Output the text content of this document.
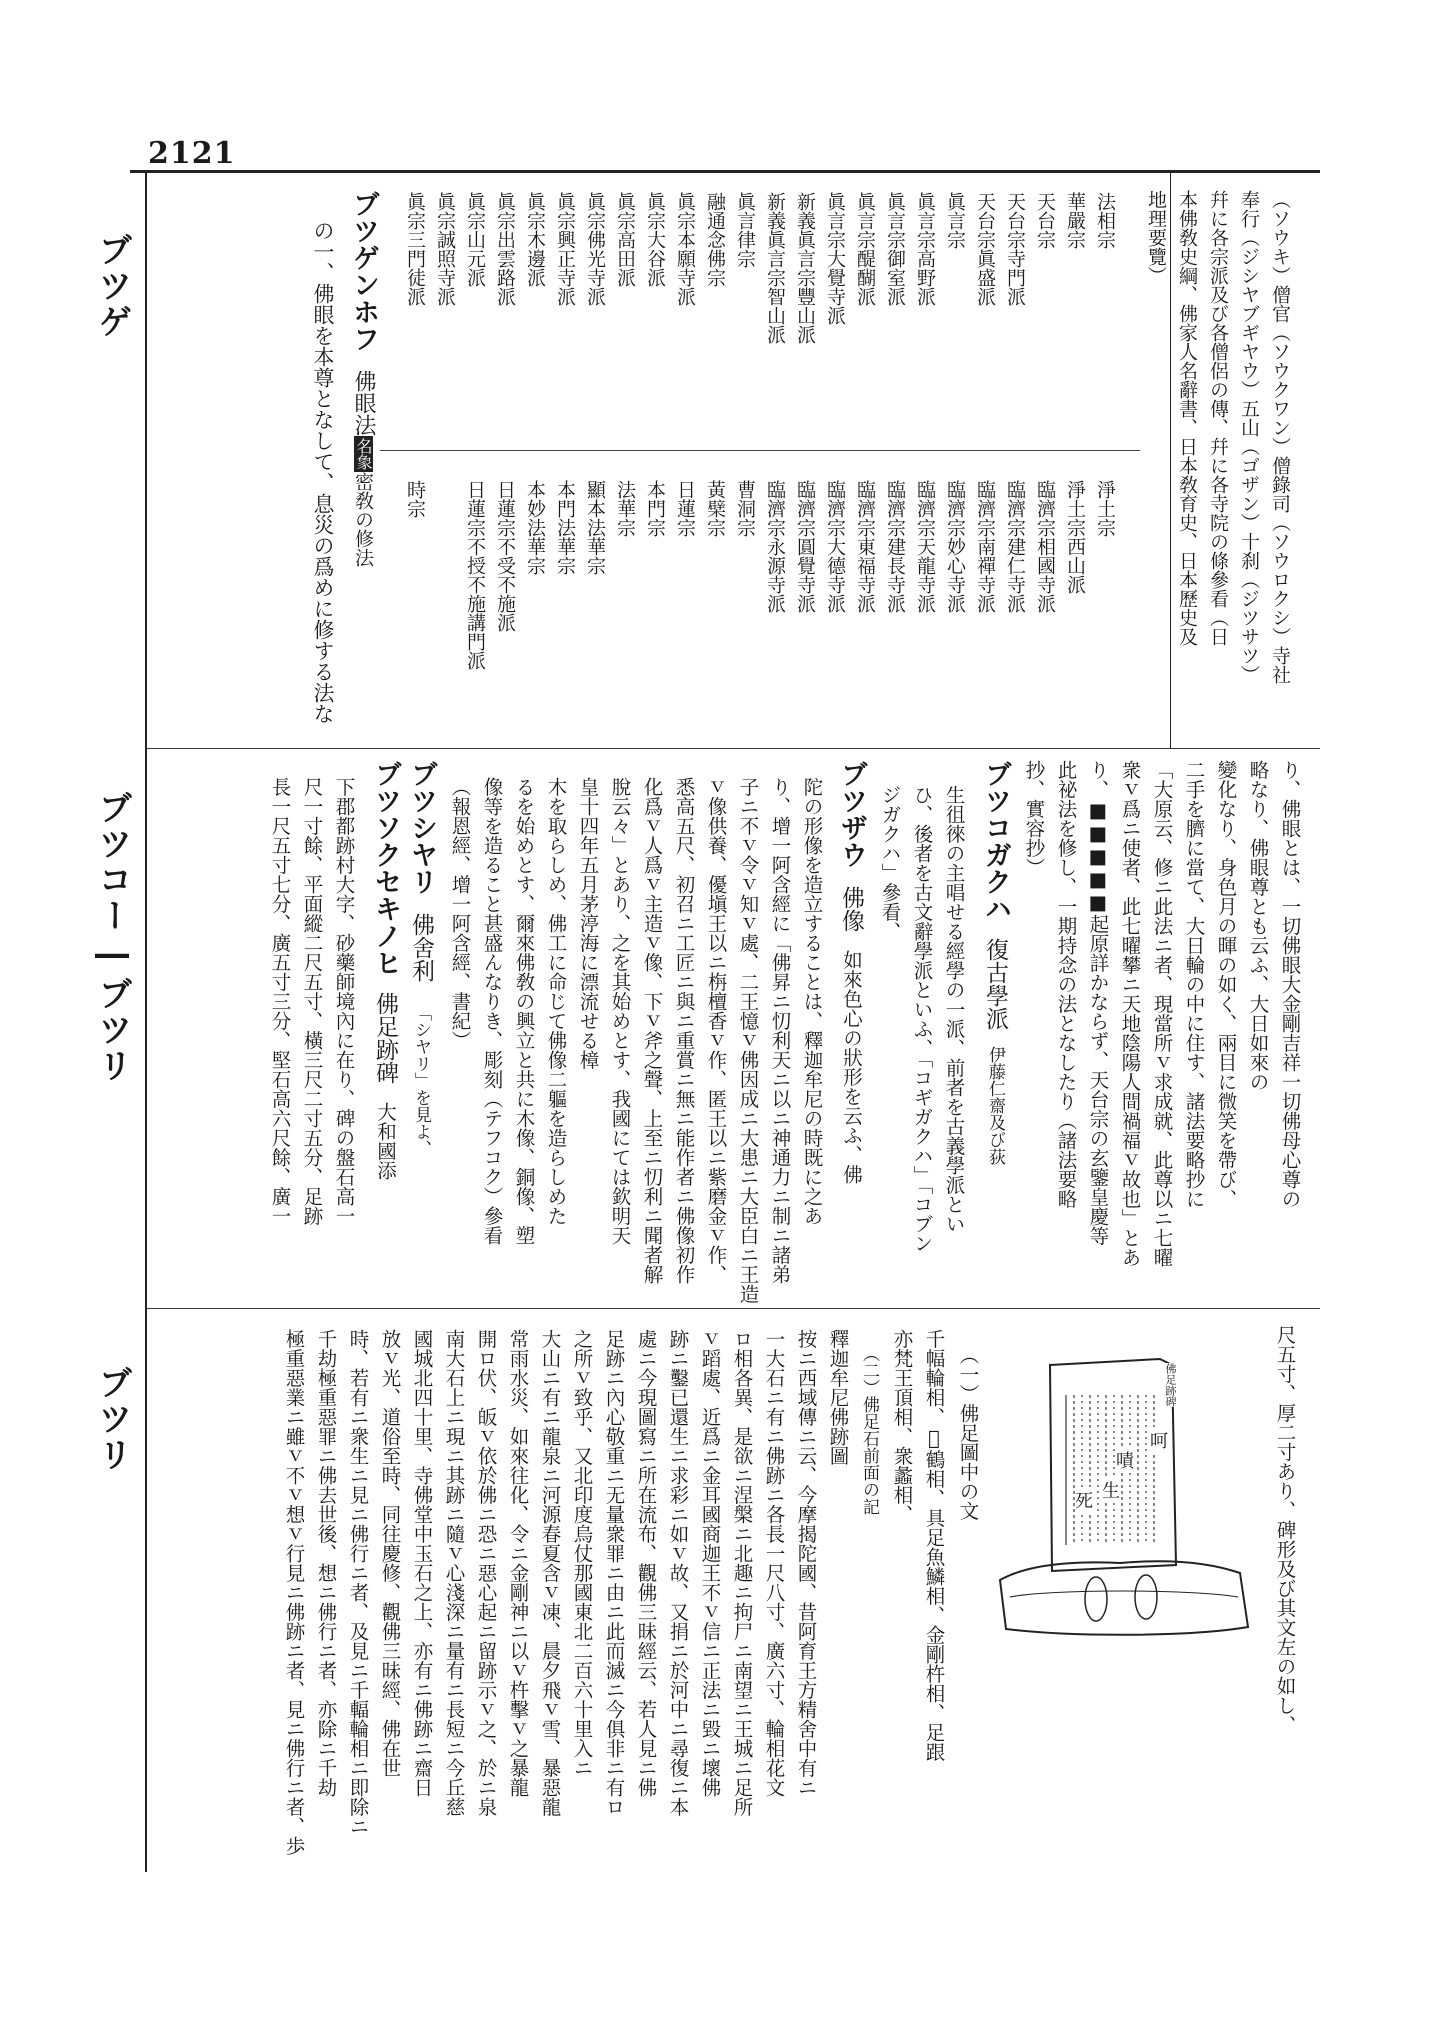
2121
ブツゲ
ブツコー―ブツリ
ブツリ
（ソウキ）僧官（ソウクワン）僧錄司（ソウロクシ）寺社
奉行（ジシヤブギヤウ）五山（ゴザン）十刹（ジツサツ）
幷に各宗派及び各僧侶の傳、幷に各寺院の條參看（日
本佛敎史綱、佛家人名辭書、日本敎育史、日本歷史及
地理要覽）
法相宗
華嚴宗
天台宗
天台宗寺門派
天台宗眞盛派
眞言宗
眞言宗高野派
眞言宗御室派
眞言宗醍醐派
眞言宗大覺寺派
新義眞言宗豐山派
新義眞言宗智山派
眞言律宗
融通念佛宗
眞宗本願寺派
眞宗大谷派
眞宗高田派
眞宗佛光寺派
眞宗興正寺派
眞宗木邊派
眞宗出雲路派
眞宗山元派
眞宗誠照寺派
眞宗三門徒派
淨土宗
淨土宗西山派
臨濟宗相國寺派
臨濟宗建仁寺派
臨濟宗南禪寺派
臨濟宗妙心寺派
臨濟宗天龍寺派
臨濟宗建長寺派
臨濟宗東福寺派
臨濟宗大德寺派
臨濟宗圓覺寺派
臨濟宗永源寺派
曹洞宗
黃檗宗
日蓮宗
本門宗
法華宗
顯本法華宗
本門法華宗
本妙法華宗
日蓮宗不受不施派
日蓮宗不授不施講門派
時宗
ブツゲンホフ佛眼法名𧰼密敎の修法
の一、佛眼を本尊となして、息災の爲めに修する法な
り、佛眼とは、一切佛眼大金剛吉祥一切佛母心尊の
略なり、佛眼尊とも云ふ、大日如來の
變化なり、身色月の暉の如く、兩目に微笑を帶び、
二手を臍に當て、大日輪の中に住す、諸法要略抄に
「大原云、修ニ此法ニ者、現當所ｖ求成就、此尊以ニ七曜
衆ｖ爲ニ使者、此七曜攀ニ天地陰陽人間禍福ｖ故也」とあ
り、■■■■■起原詳かならず、天台宗の玄鑒皇慶等
此祕法を修し、一期持念の法となしたり（諸法要略
抄、實容抄）
ブツコガクハ復古學派伊藤仁齋及び荻
生徂徠の主唱せる經學の一派、前者を古義學派とい
ひ、後者を古文辭學派といふ、「コギガクハ」「コブン
ジガクハ」參看、
ブツザウ佛像如來色心の狀形を云ふ、佛
陀の形像を造立することは、釋迦牟尼の時既に之あ
り、增一阿含經に「佛昇ニ忉利天ニ以ニ神通力ニ制ニ諸弟
子ニ不ｖ令ｖ知ｖ處、二王憶ｖ佛因成ニ大患ニ大臣白ニ王造
ｖ像供養、優塡王以ニ栴檀香ｖ作、匿王以ニ紫磨金ｖ作、
悉高五尺、初召ニ工匠ニ與ニ重賞ニ無ニ能作者ニ佛像初作
化爲ｖ人爲ｖ主造ｖ像、下ｖ斧之聲、上至ニ忉利ニ聞者解
脫云々」とあり、之を其始めとす、我國にては欽明天
皇十四年五月茅渟海に漂流せる樟
木を取らしめ、佛工に命じて佛像二軀を造らしめた
るを始めとす、爾來佛敎の興立と共に木像、銅像、塑
像等を造ること甚盛んなりき、彫刻（テフコク）參看
（報恩經、增一阿含經、書紀）
ブツシヤリ佛舍利「シヤリ」を見よ、
ブツソクセキノヒ佛足跡碑大和國添
下郡都跡村大字、砂藥師境內に在り、碑の盤石高一
尺一寸餘、平面縱二尺五寸、橫三尺二寸五分、足跡
長一尺五寸七分、廣五寸三分、堅石高六尺餘、廣一
尺五寸、厚二寸あり、碑形及び其文左の如し、
佛足跡碑
呵
嘖
生
死
（一）佛足圖中の文
千幅輪相、𩀱鶴相、具足魚鱗相、金剛杵相、足跟
亦梵王頂相、衆蠡相、
（二）佛足石前面の記
釋迦牟尼佛跡圖
按ニ西域傳ニ云、今摩揭陀國、昔阿育王方精舍中有ニ
一大石ニ有ニ佛跡ニ各長一尺八寸、廣六寸、輪相花文
ロ相各異、是欲ニ涅槃ニ北趣ニ拘尸ニ南望ニ王城ニ足所
ｖ蹈處、近爲ニ金耳國商迦王不ｖ信ニ正法ニ毀ニ壞佛
跡ニ鑿已還生ニ求彩ニ如ｖ故、又捐ニ於河中ニ尋復ニ本
處ニ今現圖寫ニ所在流布、觀佛三昧經云、若人見ニ佛
足跡ニ內心敬重ニ无量衆罪ニ由ニ此而滅ニ今俱非ニ有ロ
之所ｖ致乎、又北印度烏仗那國東北二百六十里入ニ
大山ニ有ニ龍泉ニ河源春夏含ｖ凍、晨夕飛ｖ雪、暴惡龍
常雨水災、如來往化、令ニ金剛神ニ以ｖ杵擊ｖ之暴龍
開ロ伏、皈ｖ依於佛ニ恐ニ惡心起ニ留跡示ｖ之、於ニ泉
南大石上ニ現ニ其跡ニ隨ｖ心淺深ニ量有ニ長短ニ今丘慈
國城北四十里、寺佛堂中玉石之上、亦有ニ佛跡ニ齋日
放ｖ光、道俗至時、同往慶修、觀佛三昧經、佛在世
時、若有ニ衆生ニ見ニ佛行ニ者、及見ニ千輻輪相ニ即除ニ
千劫極重惡罪ニ佛去世後、想ニ佛行ニ者、亦除ニ千劫
極重惡業ニ雖ｖ不ｖ想ｖ行見ニ佛跡ニ者、見ニ佛行ニ者、歩
